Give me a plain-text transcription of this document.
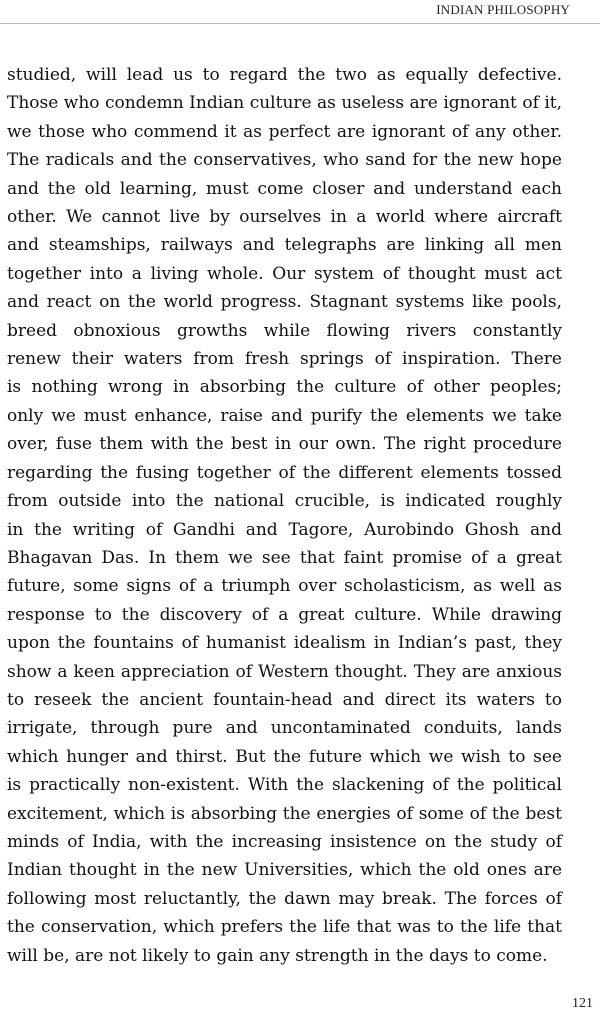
INDIAN PHILOSOPHY
studied, will lead us to regard the two as equally defective.
Those who condemn Indian culture as useless are ignorant of it,
we those who commend it as perfect are ignorant of any other.
The radicals and the conservatives, who sand for the new hope
and the old learning, must come closer and understand each
other. We cannot live by ourselves in a world where aircraft
and steamships, railways and telegraphs are linking all men
together into a living whole. Our system of thought must act
and react on the world progress. Stagnant systems like pools,
breed obnoxious growths while flowing rivers constantly
renew their waters from fresh springs of inspiration. There
is nothing wrong in absorbing the culture of other peoples;
only we must enhance, raise and purify the elements we take
over, fuse them with the best in our own. The right procedure
regarding the fusing together of the different elements tossed
from outside into the national crucible, is indicated roughly
in the writing of Gandhi and Tagore, Aurobindo Ghosh and
Bhagavan Das. In them we see that faint promise of a great
future, some signs of a triumph over scholasticism, as well as
response to the discovery of a great culture. While drawing
upon the fountains of humanist idealism in Indian’s past, they
show a keen appreciation of Western thought. They are anxious
to reseek the ancient fountain-head and direct its waters to
irrigate, through pure and uncontaminated conduits, lands
which hunger and thirst. But the future which we wish to see
is practically non-existent. With the slackening of the political
excitement, which is absorbing the energies of some of the best
minds of India, with the increasing insistence on the study of
Indian thought in the new Universities, which the old ones are
following most reluctantly, the dawn may break. The forces of
the conservation, which prefers the life that was to the life that
will be, are not likely to gain any strength in the days to come.
121
